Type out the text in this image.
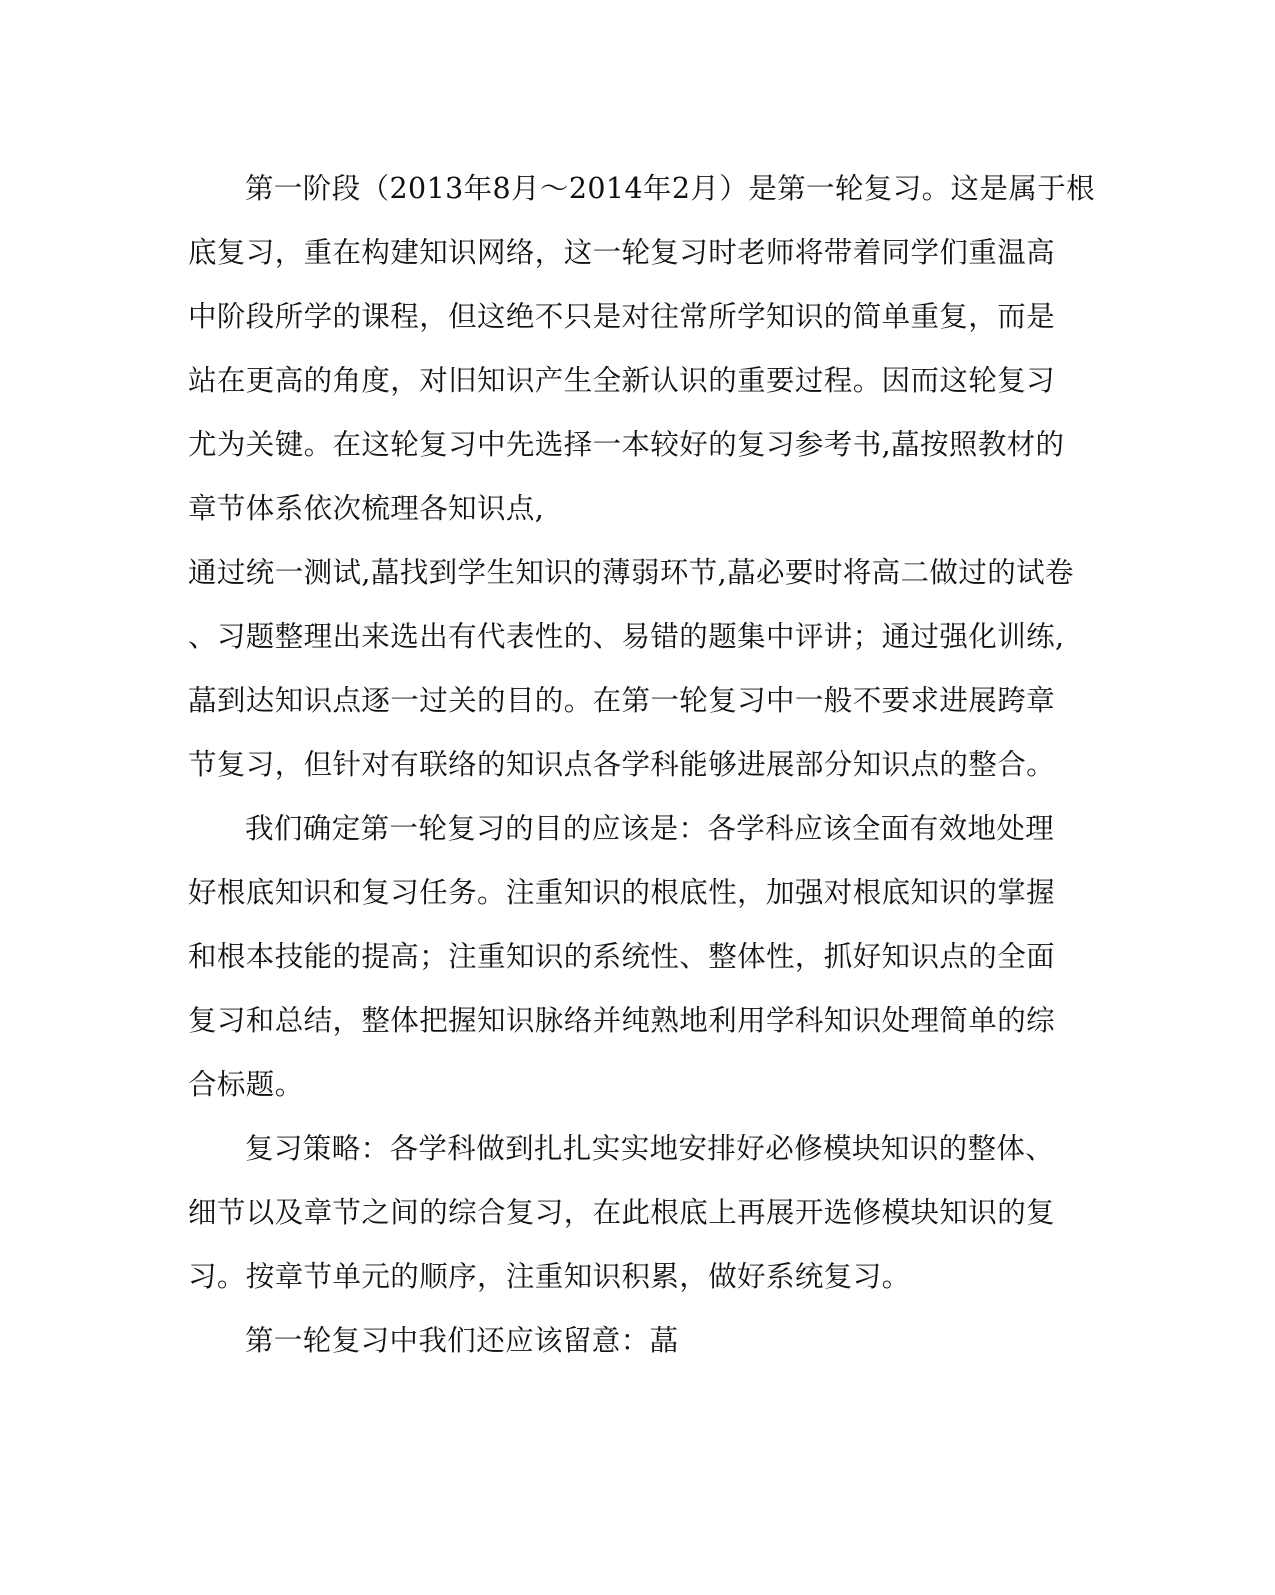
第一阶段（2013年8月～2014年2月）是第一轮复习。这是属于根
底复习，重在构建知识网络，这一轮复习时老师将带着同学们重温高
中阶段所学的课程，但这绝不只是对往常所学知识的简单重复，而是
站在更高的角度，对旧知识产生全新认识的重要过程。因而这轮复习
尤为关键。在这轮复习中先选择一本较好的复习参考书,蕌按照教材的
章节体系依次梳理各知识点,
通过统一测试,蕌找到学生知识的薄弱环节,蕌必要时将高二做过的试卷
、习题整理出来选出有代表性的、易错的题集中评讲；通过强化训练,
蕌到达知识点逐一过关的目的。在第一轮复习中一般不要求进展跨章
节复习，但针对有联络的知识点各学科能够进展部分知识点的整合。
我们确定第一轮复习的目的应该是：各学科应该全面有效地处理
好根底知识和复习任务。注重知识的根底性，加强对根底知识的掌握
和根本技能的提高；注重知识的系统性、整体性，抓好知识点的全面
复习和总结，整体把握知识脉络并纯熟地利用学科知识处理简单的综
合标题。
复习策略：各学科做到扎扎实实地安排好必修模块知识的整体、
细节以及章节之间的综合复习，在此根底上再展开选修模块知识的复
习。按章节单元的顺序，注重知识积累，做好系统复习。
第一轮复习中我们还应该留意：蕌
